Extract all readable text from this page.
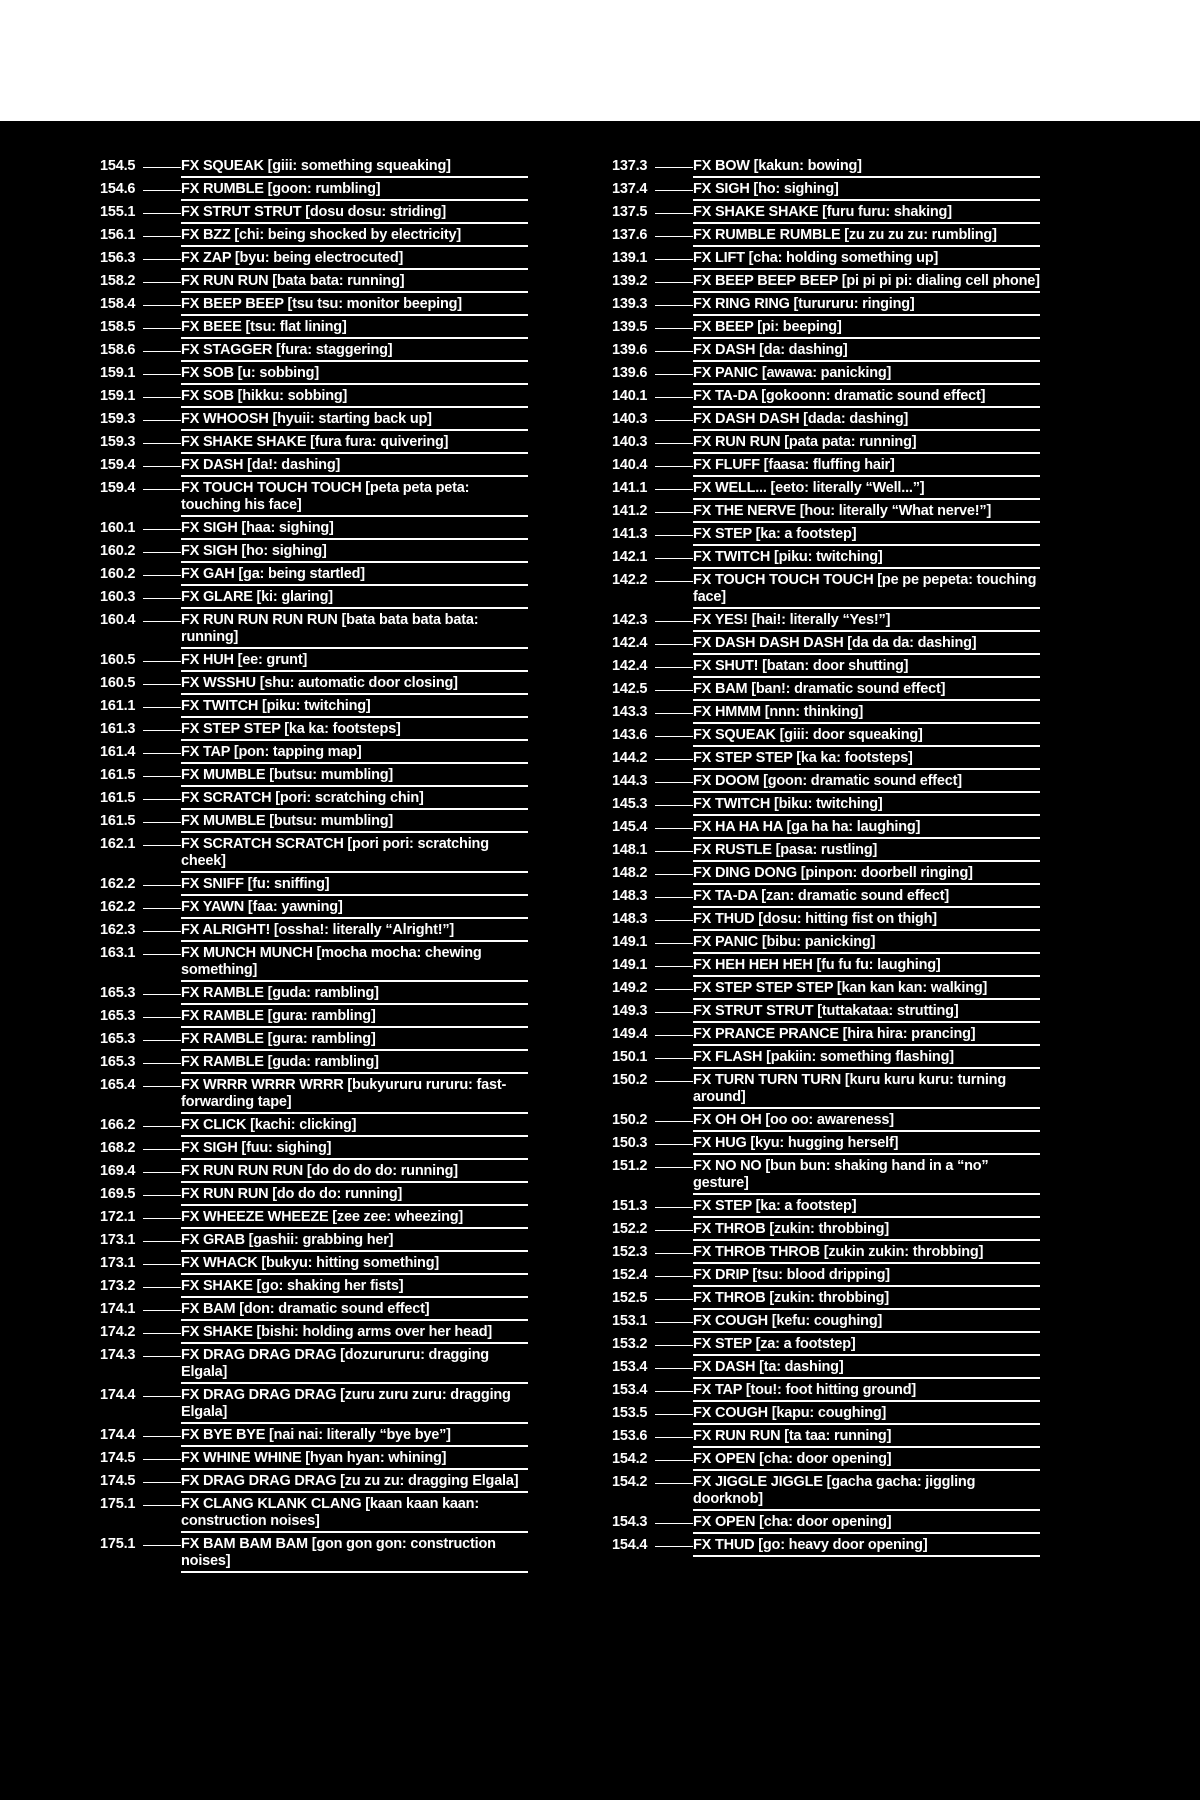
154.5	FX SQUEAK [giii: something squeaking]
154.6	FX RUMBLE [goon: rumbling]
155.1	FX STRUT STRUT [dosu dosu: striding]
156.1	FX BZZ [chi: being shocked by electricity]
156.3	FX ZAP [byu: being electrocuted]
158.2	FX RUN RUN [bata bata: running]
158.4	FX BEEP BEEP [tsu tsu: monitor beeping]
158.5	FX BEEE [tsu: flat lining]
158.6	FX STAGGER [fura: staggering]
159.1	FX SOB [u: sobbing]
159.1	FX SOB [hikku: sobbing]
159.3	FX WHOOSH [hyuii: starting back up]
159.3	FX SHAKE SHAKE [fura fura: quivering]
159.4	FX DASH [da!: dashing]
159.4	FX TOUCH TOUCH TOUCH [peta peta peta: touching his face]
160.1	FX SIGH [haa: sighing]
160.2	FX SIGH [ho: sighing]
160.2	FX GAH [ga: being startled]
160.3	FX GLARE [ki: glaring]
160.4	FX RUN RUN RUN RUN [bata bata bata bata: running]
160.5	FX HUH [ee: grunt]
160.5	FX WSSHU [shu: automatic door closing]
161.1	FX TWITCH [piku: twitching]
161.3	FX STEP STEP [ka ka: footsteps]
161.4	FX TAP [pon: tapping map]
161.5	FX MUMBLE [butsu: mumbling]
161.5	FX SCRATCH [pori: scratching chin]
161.5	FX MUMBLE [butsu: mumbling]
162.1	FX SCRATCH SCRATCH [pori pori: scratching cheek]
162.2	FX SNIFF [fu: sniffing]
162.2	FX YAWN [faa: yawning]
162.3	FX ALRIGHT! [ossha!: literally “Alright!”]
163.1	FX MUNCH MUNCH [mocha mocha: chewing something]
165.3	FX RAMBLE [guda: rambling]
165.3	FX RAMBLE [gura: rambling]
165.3	FX RAMBLE [gura: rambling]
165.3	FX RAMBLE [guda: rambling]
165.4	FX WRRR WRRR WRRR [bukyururu rururu: fast-forwarding tape]
166.2	FX CLICK [kachi: clicking]
168.2	FX SIGH [fuu: sighing]
169.4	FX RUN RUN RUN [do do do do: running]
169.5	FX RUN RUN [do do do: running]
172.1	FX WHEEZE WHEEZE [zee zee: wheezing]
173.1	FX GRAB [gashii: grabbing her]
173.1	FX WHACK [bukyu: hitting something]
173.2	FX SHAKE [go: shaking her fists]
174.1	FX BAM [don: dramatic sound effect]
174.2	FX SHAKE [bishi: holding arms over her head]
174.3	FX DRAG DRAG DRAG [dozurururu: dragging Elgala]
174.4	FX DRAG DRAG DRAG [zuru zuru zuru: dragging Elgala]
174.4	FX BYE BYE [nai nai: literally “bye bye”]
174.5	FX WHINE WHINE [hyan hyan: whining]
174.5	FX DRAG DRAG DRAG [zu zu zu: dragging Elgala]
175.1	FX CLANG KLANK CLANG [kaan kaan kaan: construction noises]
175.1	FX BAM BAM BAM [gon gon gon: construction noises]
137.3	FX BOW [kakun: bowing]
137.4	FX SIGH [ho: sighing]
137.5	FX SHAKE SHAKE [furu furu: shaking]
137.6	FX RUMBLE RUMBLE [zu zu zu zu: rumbling]
139.1	FX LIFT [cha: holding something up]
139.2	FX BEEP BEEP BEEP [pi pi pi pi: dialing cell phone]
139.3	FX RING RING [turururu: ringing]
139.5	FX BEEP [pi: beeping]
139.6	FX DASH [da: dashing]
139.6	FX PANIC [awawa: panicking]
140.1	FX TA-DA [gokoonn: dramatic sound effect]
140.3	FX DASH DASH [dada: dashing]
140.3	FX RUN RUN [pata pata: running]
140.4	FX FLUFF [faasa: fluffing hair]
141.1	FX WELL... [eeto: literally “Well...”]
141.2	FX THE NERVE [hou: literally “What nerve!”]
141.3	FX STEP [ka: a footstep]
142.1	FX TWITCH [piku: twitching]
142.2	FX TOUCH TOUCH TOUCH [pe pe pepeta: touching face]
142.3	FX YES! [hai!: literally “Yes!”]
142.4	FX DASH DASH DASH [da da da: dashing]
142.4	FX SHUT! [batan: door shutting]
142.5	FX BAM [ban!: dramatic sound effect]
143.3	FX HMMM [nnn: thinking]
143.6	FX SQUEAK [giii: door squeaking]
144.2	FX STEP STEP [ka ka: footsteps]
144.3	FX DOOM [goon: dramatic sound effect]
145.3	FX TWITCH [biku: twitching]
145.4	FX HA HA HA [ga ha ha: laughing]
148.1	FX RUSTLE [pasa: rustling]
148.2	FX DING DONG [pinpon: doorbell ringing]
148.3	FX TA-DA [zan: dramatic sound effect]
148.3	FX THUD [dosu: hitting fist on thigh]
149.1	FX PANIC [bibu: panicking]
149.1	FX HEH HEH HEH [fu fu fu: laughing]
149.2	FX STEP STEP STEP [kan kan kan: walking]
149.3	FX STRUT STRUT [tuttakataa: strutting]
149.4	FX PRANCE PRANCE [hira hira: prancing]
150.1	FX FLASH [pakiin: something flashing]
150.2	FX TURN TURN TURN [kuru kuru kuru: turning around]
150.2	FX OH OH [oo oo: awareness]
150.3	FX HUG [kyu: hugging herself]
151.2	FX NO NO [bun bun: shaking hand in a “no” gesture]
151.3	FX STEP [ka: a footstep]
152.2	FX THROB [zukin: throbbing]
152.3	FX THROB THROB [zukin zukin: throbbing]
152.4	FX DRIP [tsu: blood dripping]
152.5	FX THROB [zukin: throbbing]
153.1	FX COUGH [kefu: coughing]
153.2	FX STEP [za: a footstep]
153.4	FX DASH [ta: dashing]
153.4	FX TAP [tou!: foot hitting ground]
153.5	FX COUGH [kapu: coughing]
153.6	FX RUN RUN [ta taa: running]
154.2	FX OPEN [cha: door opening]
154.2	FX JIGGLE JIGGLE [gacha gacha: jiggling doorknob]
154.3	FX OPEN [cha: door opening]
154.4	FX THUD [go: heavy door opening]
